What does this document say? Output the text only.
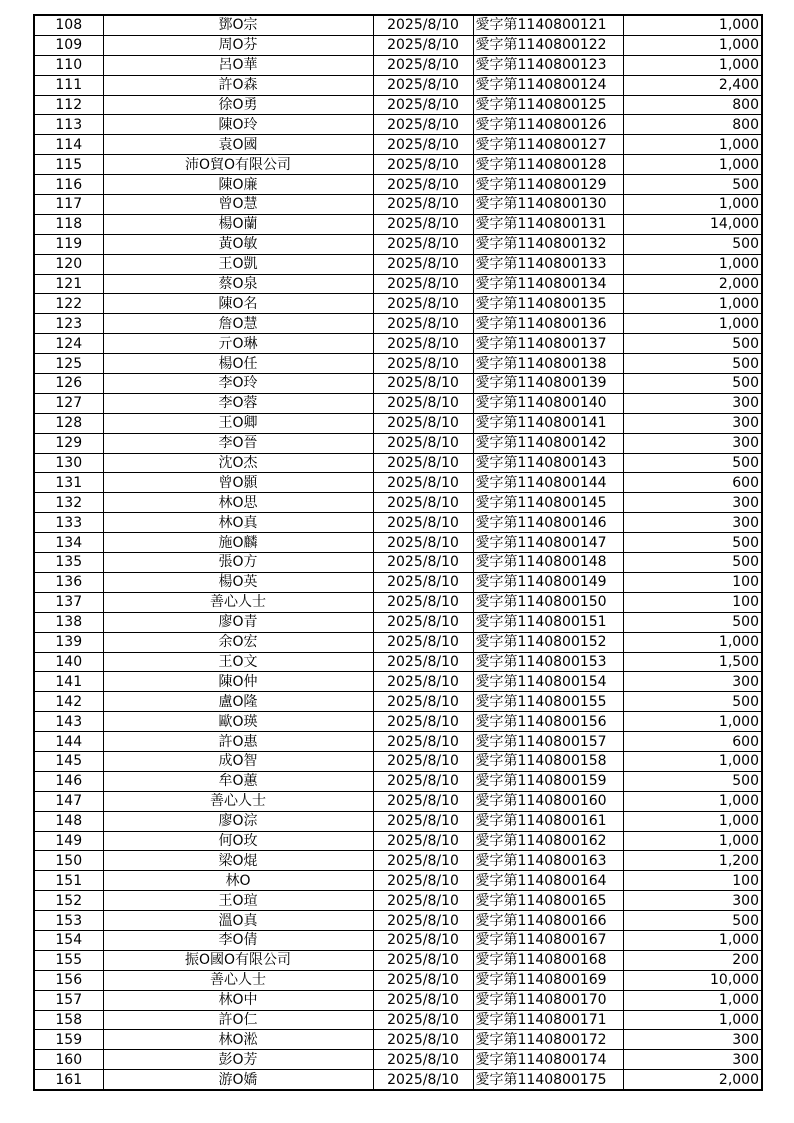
108	鄧O宗	2025/8/10	愛字第1140800121	1,000
109	周O芬	2025/8/10	愛字第1140800122	1,000
110	呂O華	2025/8/10	愛字第1140800123	1,000
111	許O森	2025/8/10	愛字第1140800124	2,400
112	徐O勇	2025/8/10	愛字第1140800125	800
113	陳O玲	2025/8/10	愛字第1140800126	800
114	袁O國	2025/8/10	愛字第1140800127	1,000
115	沛O貿O有限公司	2025/8/10	愛字第1140800128	1,000
116	陳O廉	2025/8/10	愛字第1140800129	500
117	曾O慧	2025/8/10	愛字第1140800130	1,000
118	楊O蘭	2025/8/10	愛字第1140800131	14,000
119	黃O敏	2025/8/10	愛字第1140800132	500
120	王O凱	2025/8/10	愛字第1140800133	1,000
121	蔡O泉	2025/8/10	愛字第1140800134	2,000
122	陳O名	2025/8/10	愛字第1140800135	1,000
123	詹O慧	2025/8/10	愛字第1140800136	1,000
124	亓O琳	2025/8/10	愛字第1140800137	500
125	楊O任	2025/8/10	愛字第1140800138	500
126	李O玲	2025/8/10	愛字第1140800139	500
127	李O蓉	2025/8/10	愛字第1140800140	300
128	王O卿	2025/8/10	愛字第1140800141	300
129	李O晉	2025/8/10	愛字第1140800142	300
130	沈O杰	2025/8/10	愛字第1140800143	500
131	曾O顥	2025/8/10	愛字第1140800144	600
132	林O思	2025/8/10	愛字第1140800145	300
133	林O真	2025/8/10	愛字第1140800146	300
134	施O麟	2025/8/10	愛字第1140800147	500
135	張O方	2025/8/10	愛字第1140800148	500
136	楊O英	2025/8/10	愛字第1140800149	100
137	善心人士	2025/8/10	愛字第1140800150	100
138	廖O青	2025/8/10	愛字第1140800151	500
139	余O宏	2025/8/10	愛字第1140800152	1,000
140	王O文	2025/8/10	愛字第1140800153	1,500
141	陳O仲	2025/8/10	愛字第1140800154	300
142	盧O隆	2025/8/10	愛字第1140800155	500
143	歐O瑛	2025/8/10	愛字第1140800156	1,000
144	許O惠	2025/8/10	愛字第1140800157	600
145	成O智	2025/8/10	愛字第1140800158	1,000
146	牟O蕙	2025/8/10	愛字第1140800159	500
147	善心人士	2025/8/10	愛字第1140800160	1,000
148	廖O淙	2025/8/10	愛字第1140800161	1,000
149	何O玫	2025/8/10	愛字第1140800162	1,000
150	梁O焜	2025/8/10	愛字第1140800163	1,200
151	林O	2025/8/10	愛字第1140800164	100
152	王O瑄	2025/8/10	愛字第1140800165	300
153	溫O真	2025/8/10	愛字第1140800166	500
154	李O倩	2025/8/10	愛字第1140800167	1,000
155	振O國O有限公司	2025/8/10	愛字第1140800168	200
156	善心人士	2025/8/10	愛字第1140800169	10,000
157	林O中	2025/8/10	愛字第1140800170	1,000
158	許O仁	2025/8/10	愛字第1140800171	1,000
159	林O淞	2025/8/10	愛字第1140800172	300
160	彭O芳	2025/8/10	愛字第1140800174	300
161	游O嬌	2025/8/10	愛字第1140800175	2,000
